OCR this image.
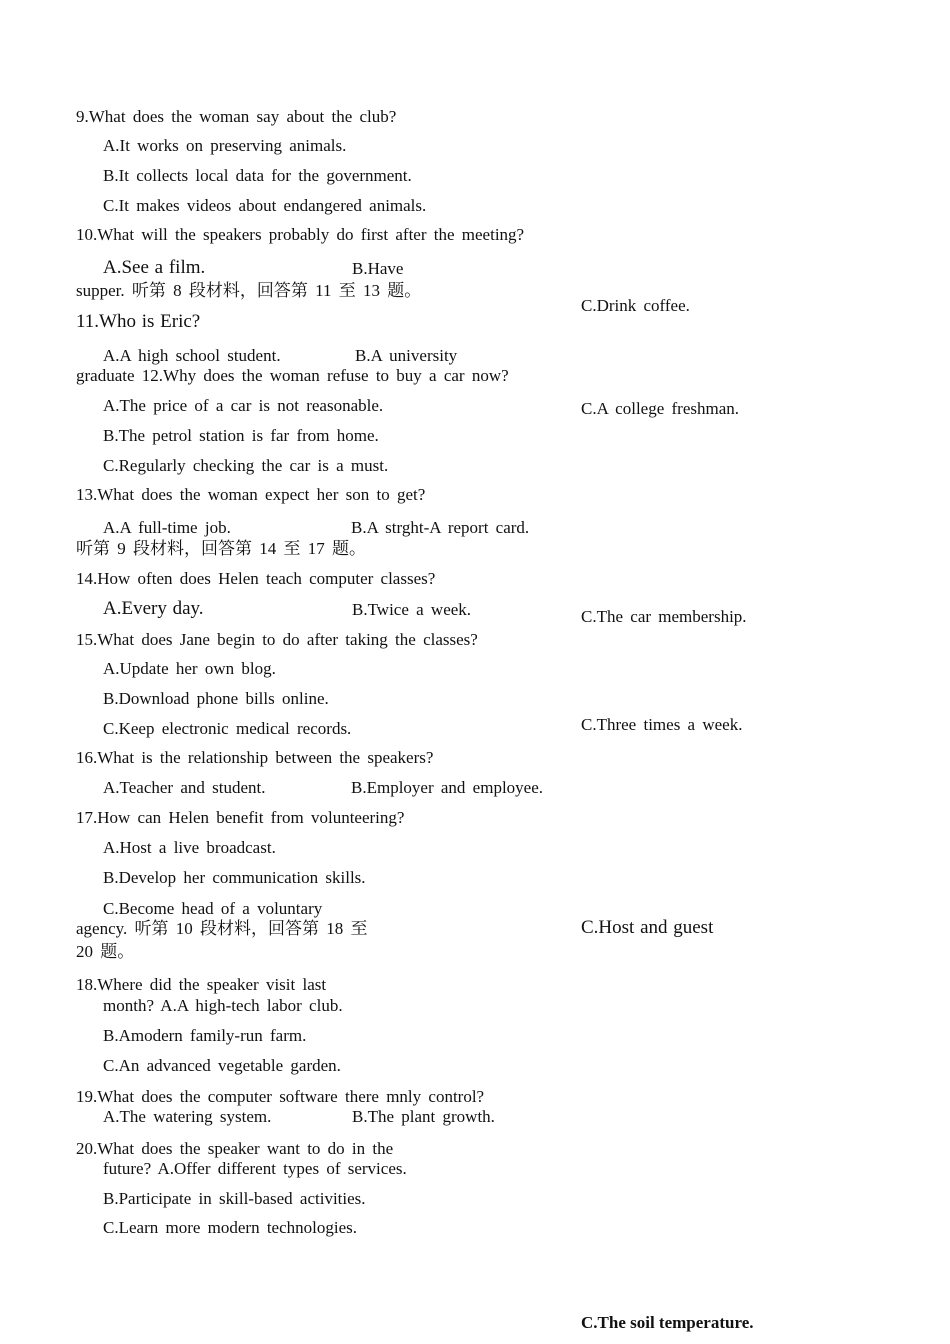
9.What does the woman say about the club?
A.It works on preserving animals.
B.It collects local data for the government.
C.It makes videos about endangered animals.
10.What will the speakers probably do first after the meeting?
A.See a film.	B.Have
supper. 听第 8 段材料，回答第 11 至 13 题。
C.Drink coffee.
11.Who is Eric?
A.A high school student.	B.A university
graduate 12.Why does the woman refuse to buy a car now?
C.A college freshman.
A.The price of a car is not reasonable.
B.The petrol station is far from home.
C.Regularly checking the car is a must.
13.What does the woman expect her son to get?
A.A full-time job.	B.A strght-A report card.
听第 9 段材料，回答第 14 至 17 题。
14.How often does Helen teach computer classes?
A.Every day.	B.Twice a week.	C.The car membership.
15.What does Jane begin to do after taking the classes?
A.Update her own blog.
B.Download phone bills online.
C.Keep electronic medical records.	C.Three times a week.
16.What is the relationship between the speakers?
A.Teacher and student.	B.Employer and employee.
17.How can Helen benefit from volunteering?
A.Host a live broadcast.
B.Develop her communication skills.
C.Become head of a voluntary
agency. 听第 10 段材料，回答第 18 至
20 题。
C.Host and guest
18.Where did the speaker visit last
month? A.A high-tech labor club.
B.Amodern family-run farm.
C.An advanced vegetable garden.
19.What does the computer software there mnly control?
A.The watering system.	B.The plant growth.
20.What does the speaker want to do in the
future? A.Offer different types of services.
B.Participate in skill-based activities.
C.Learn more modern technologies.
C.The soil temperature.
